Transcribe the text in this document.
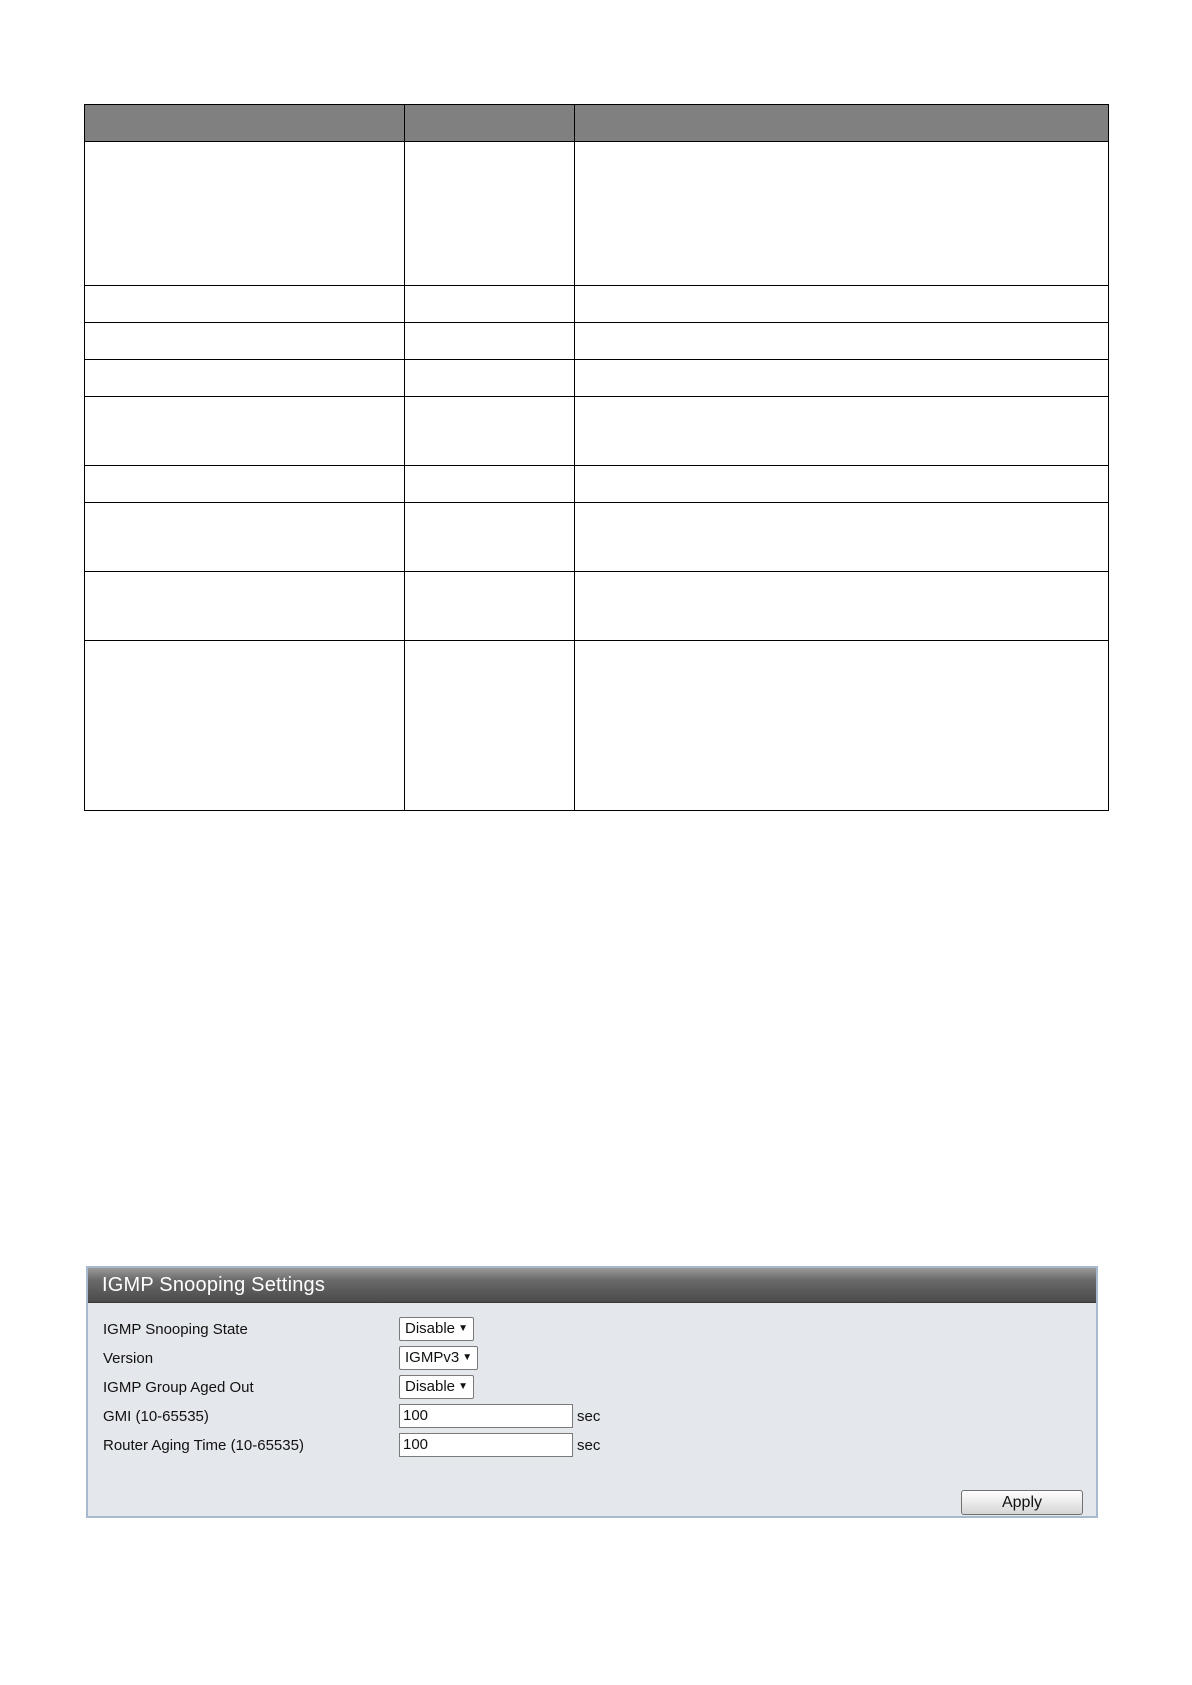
IGMP Snooping Settings
IGMP Snooping State	Disable ▼
Version	IGMPv3 ▼
IGMP Group Aged Out	Disable ▼
GMI (10-65535)	100	sec
Router Aging Time (10-65535)	100	sec
Apply
